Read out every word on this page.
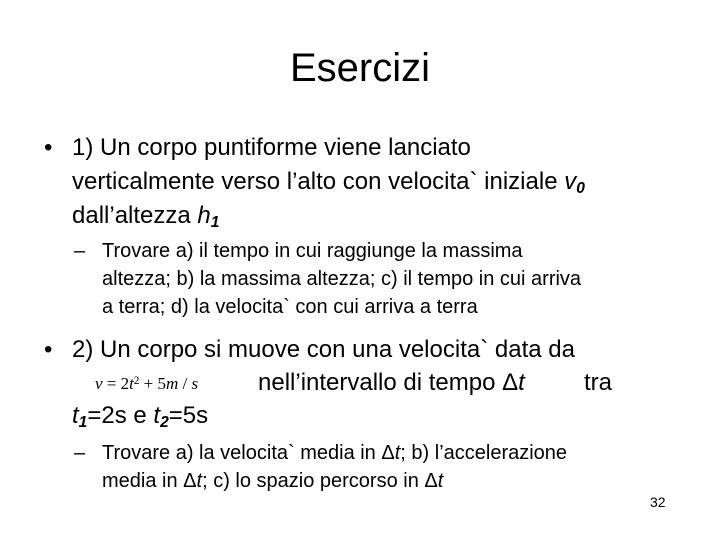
Esercizi
• 1) Un corpo puntiforme viene lanciato
verticalmente verso l’alto con velocita` iniziale $v_0$
dall’altezza $h_1$
– Trovare a) il tempo in cui raggiunge la massima
altezza; b) la massima altezza; c) il tempo in cui arriva
a terra; d) la velocita` con cui arriva a terra
• 2) Un corpo si muove con una velocita` data da
$v = 2t^2 + 5m / s$ nell’intervallo di tempo Δt tra
$t_1=2s$ e $t_2=5s$
– Trovare a) la velocita` media in Δt; b) l’accelerazione
media in Δt; c) lo spazio percorso in Δt
32
